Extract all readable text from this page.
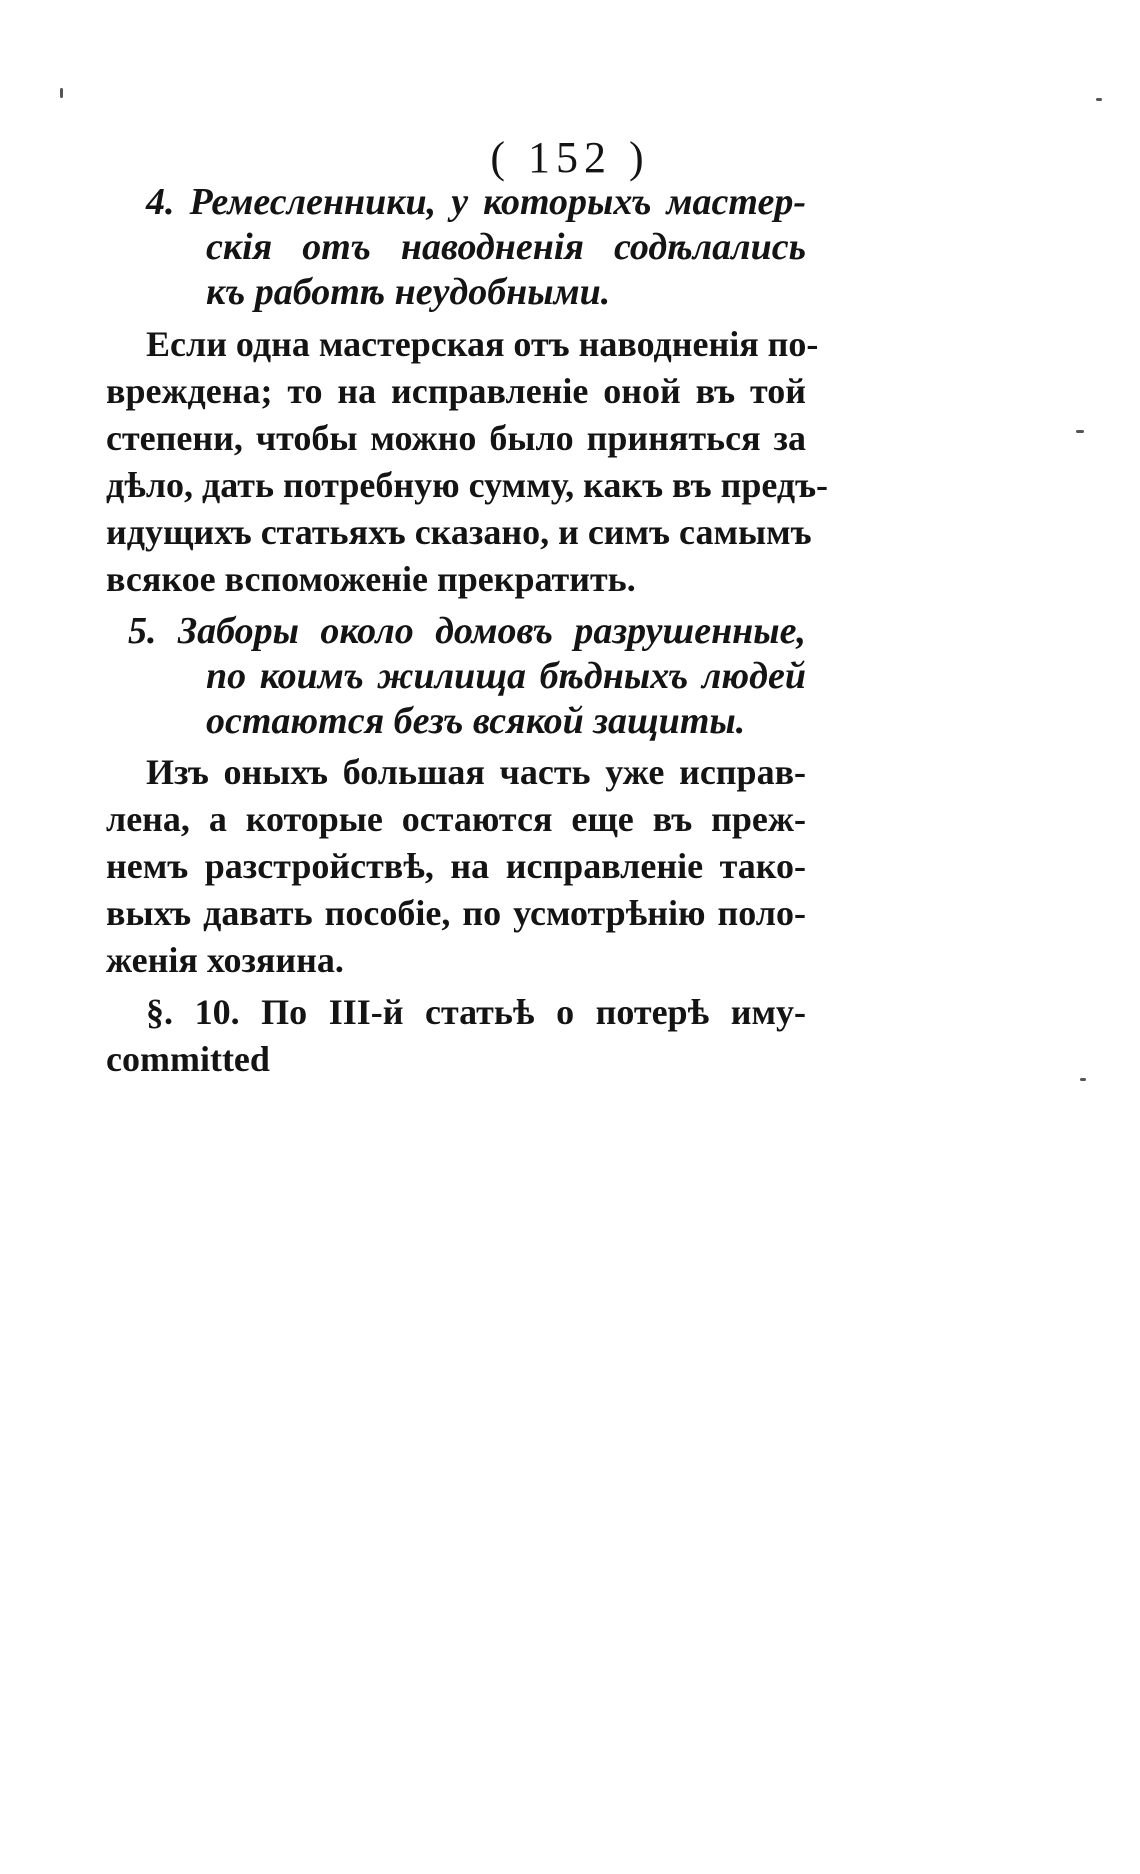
( 152 )
4. Ремесленники, у которыхъ мастер-
скія отъ наводненія содѣлались
къ работѣ неудобными.
Если одна мастерская отъ наводненія по-
вреждена; то на исправленіе оной въ той
степени, чтобы можно было приняться за
дѣло, дать потребную сумму, какъ въ предъ-
идущихъ статьяхъ сказано, и симъ самымъ
всякое вспоможеніе прекратить.
5. Заборы около домовъ разрушенные,
по коимъ жилища бѣдныхъ людей
остаются безъ всякой защиты.
Изъ оныхъ большая часть уже исправ-
лена, а которые остаются еще въ преж-
немъ разстройствѣ, на исправленіе тако-
выхъ давать пособіе, по усмотрѣнію поло-
женія хозяина.
§. 10. По III-й статьѣ о потерѣ иму-
committed
